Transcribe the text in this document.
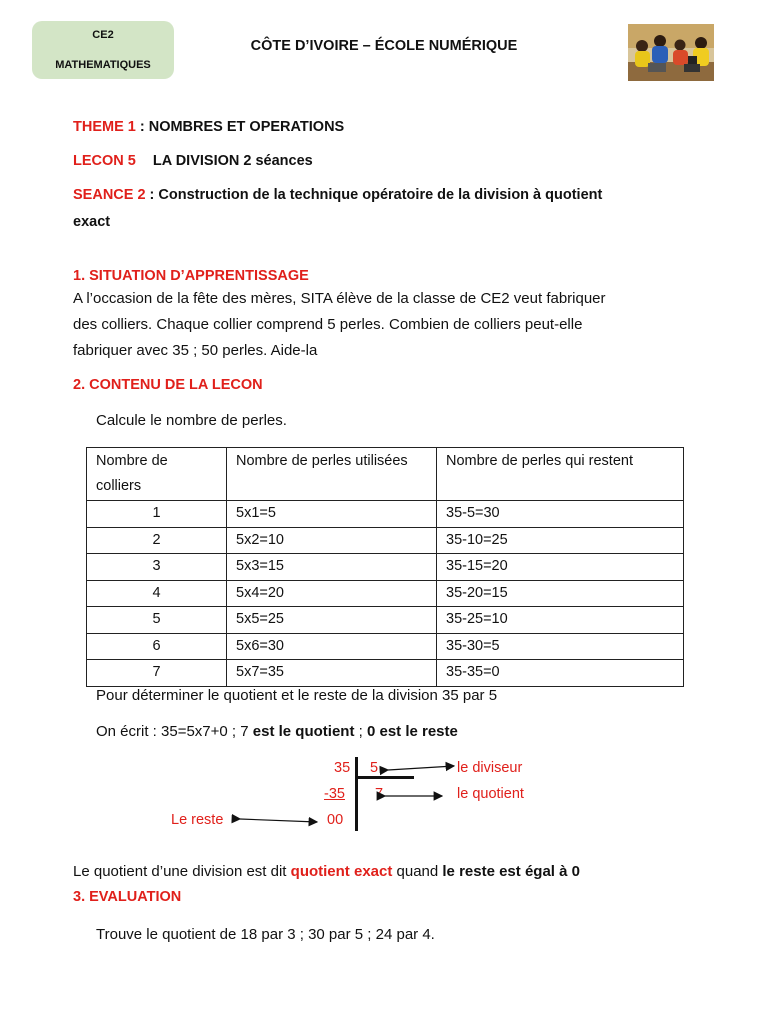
CE2
MATHEMATIQUES
CÔTE D’IVOIRE – ÉCOLE NUMÉRIQUE
THEME 1 : NOMBRES ET OPERATIONS
LECON 5 LA DIVISION 2 séances
SEANCE 2 : Construction de la technique opératoire de la division à quotient
exact
1. SITUATION D’APPRENTISSAGE
A l’occasion de la fête des mères, SITA élève de la classe de CE2 veut fabriquer
des colliers. Chaque collier comprend 5 perles. Combien de colliers peut-elle
fabriquer avec 35 ; 50 perles. Aide-la
2. CONTENU DE LA LECON
Calcule le nombre de perles.
Nombre de
colliers	Nombre de perles utilisées	Nombre de perles qui restent
1	5x1=5	35-5=30
2	5x2=10	35-10=25
3	5x3=15	35-15=20
4	5x4=20	35-20=15
5	5x5=25	35-25=10
6	5x6=30	35-30=5
7	5x7=35	35-35=0
Pour déterminer le quotient et le reste de la division 35 par 5
On écrit : 35=5x7+0 ; 7 est le quotient ; 0 est le reste
35 5	le diviseur
-35 7	le quotient
Le reste	00
Le quotient d’une division est dit quotient exact quand le reste est égal à 0
3. EVALUATION
Trouve le quotient de 18 par 3 ; 30 par 5 ; 24 par 4.
